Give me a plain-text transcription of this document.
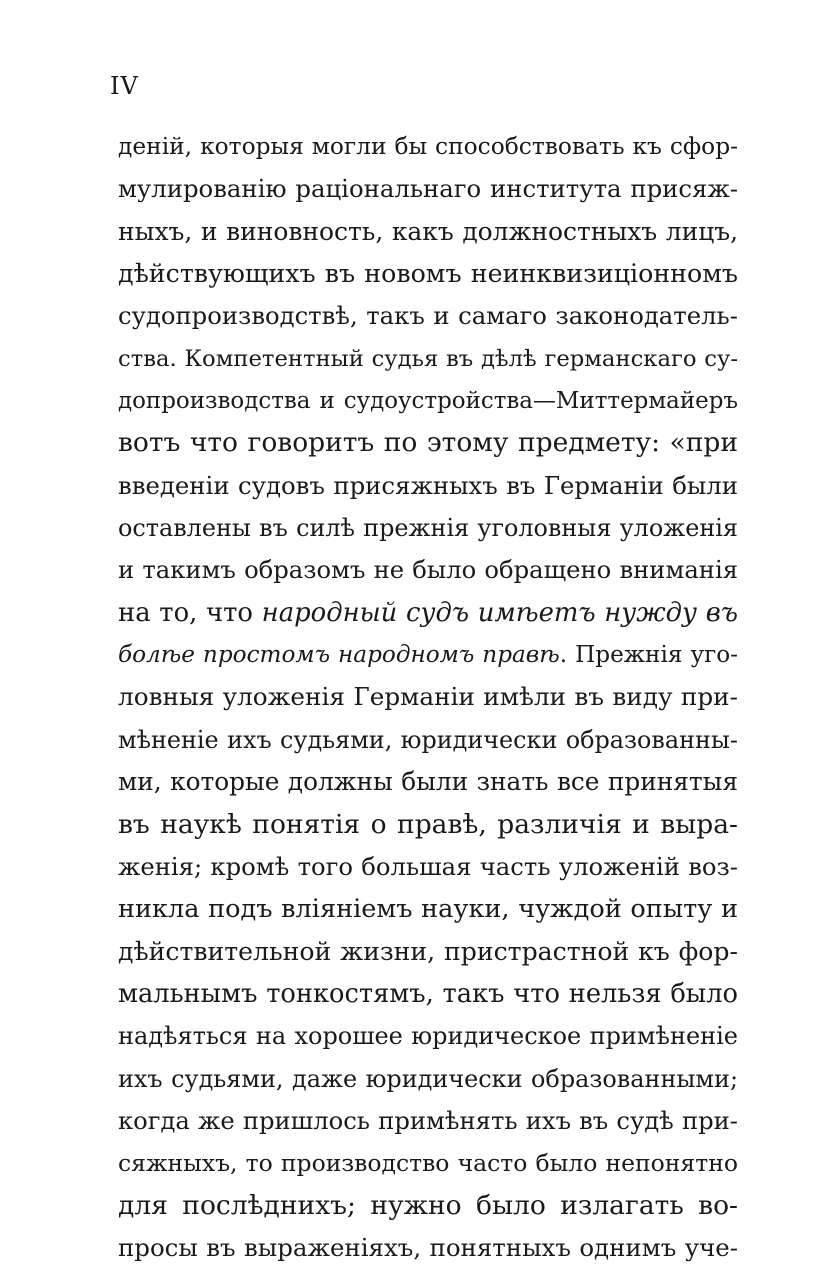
IV
деній, которыя могли бы способствовать къ сфор-
мулированію раціональнаго института присяж-
ныхъ, и виновность, какъ должностныхъ лицъ,
дѣйствующихъ въ новомъ неинквизиціонномъ
судопроизводствѣ, такъ и самаго законодатель-
ства. Компетентный судья въ дѣлѣ германскаго су-
допроизводства и судоустройства—Миттермайеръ
вотъ что говоритъ по этому предмету: «при
введеніи судовъ присяжныхъ въ Германіи были
оставлены въ силѣ прежнія уголовныя уложенія
и такимъ образомъ не было обращено вниманія
на то, что народный судъ имѣетъ нужду въ
болѣе простомъ народномъ правѣ. Прежнія уго-
ловныя уложенія Германіи имѣли въ виду при-
мѣненіе ихъ судьями, юридически образованны-
ми, которые должны были знать все принятыя
въ наукѣ понятія о правѣ, различія и выра-
женія; кромѣ того большая часть уложеній воз-
никла подъ вліяніемъ науки, чуждой опыту и
дѣйствительной жизни, пристрастной къ фор-
мальнымъ тонкостямъ, такъ что нельзя было
надѣяться на хорошее юридическое примѣненіе
ихъ судьями, даже юридически образованными;
когда же пришлось примѣнять ихъ въ судѣ при-
сяжныхъ, то производство часто было непонятно
для послѣднихъ; нужно было излагать во-
просы въ выраженіяхъ, понятныхъ однимъ уче-
